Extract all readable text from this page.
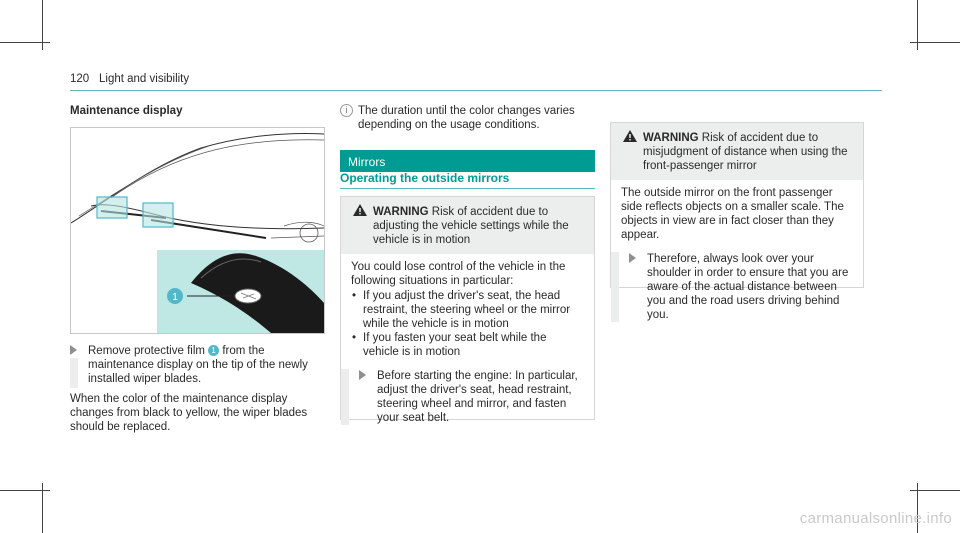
120 Light and visibility
Maintenance display
1
Remove protective film 1 from the maintenance display on the tip of the newly installed wiper blades.
When the color of the maintenance display changes from black to yellow, the wiper blades should be replaced.
i The duration until the color changes varies depending on the usage conditions.
Mirrors
Operating the outside mirrors
WARNING Risk of accident due to adjusting the vehicle settings while the vehicle is in motion
You could lose control of the vehicle in the following situations in particular:
• If you adjust the driver's seat, the head restraint, the steering wheel or the mirror while the vehicle is in motion
• If you fasten your seat belt while the vehicle is in motion
Before starting the engine: In particular, adjust the driver's seat, head restraint, steering wheel and mirror, and fasten your seat belt.
WARNING Risk of accident due to misjudgment of distance when using the front-passenger mirror
The outside mirror on the front passenger side reflects objects on a smaller scale. The objects in view are in fact closer than they appear.
Therefore, always look over your shoulder in order to ensure that you are aware of the actual distance between you and the road users driving behind you.
carmanualsonline.info
